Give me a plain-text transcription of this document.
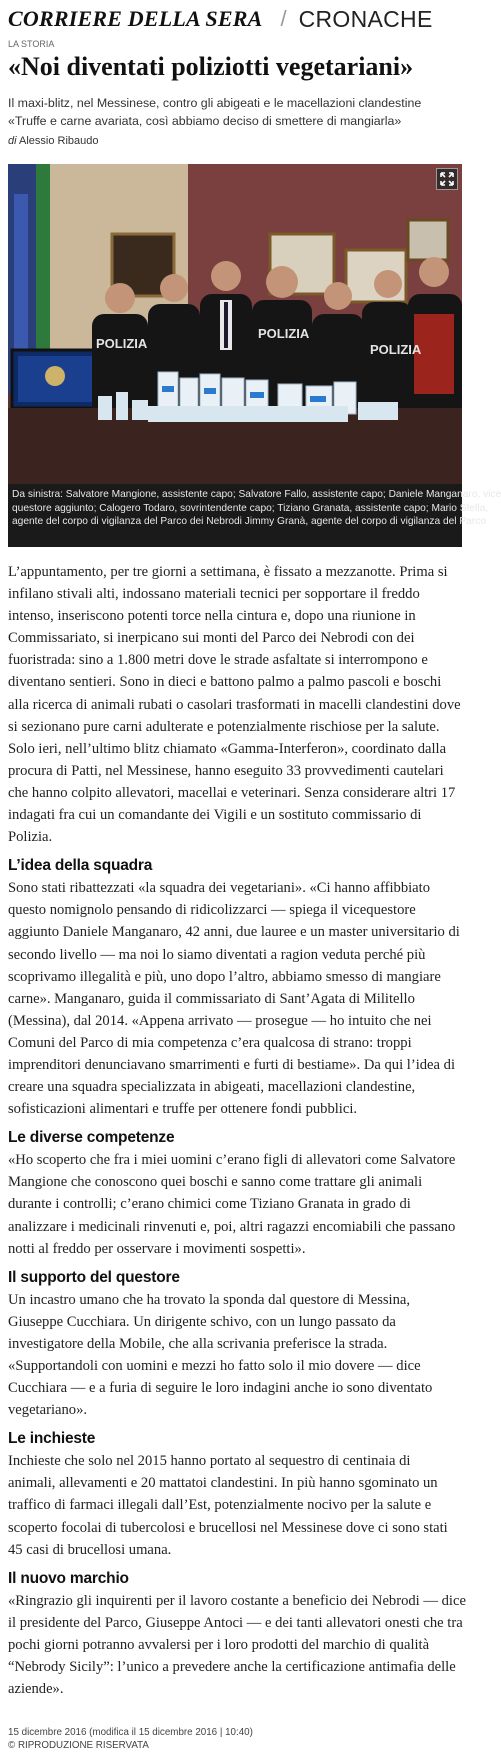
CORRIERE DELLA SERA / CRONACHE
LA STORIA
«Noi diventati poliziotti vegetariani»
Il maxi-blitz, nel Messinese, contro gli abigeati e le macellazioni clandestine
«Truffe e carne avariata, così abbiamo deciso di smettere di mangiarla»
di Alessio Ribaudo
POLIZIA
POLIZIA
POLIZIA
Da sinistra: Salvatore Mangione, assistente capo; Salvatore Fallo, assistente capo; Daniele Manganaro, vice
questore aggiunto; Calogero Todaro, sovrintendente capo; Tiziano Granata, assistente capo; Mario Stella,
agente del corpo di vigilanza del Parco dei Nebrodi Jimmy Granà, agente del corpo di vigilanza del Parco
L’appuntamento, per tre giorni a settimana, è fissato a mezzanotte. Prima si
infilano stivali alti, indossano materiali tecnici per sopportare il freddo
intenso, inseriscono potenti torce nella cintura e, dopo una riunione in
Commissariato, si inerpicano sui monti del Parco dei Nebrodi con dei
fuoristrada: sino a 1.800 metri dove le strade asfaltate si interrompono e
diventano sentieri. Sono in dieci e battono palmo a palmo pascoli e boschi
alla ricerca di animali rubati o casolari trasformati in macelli clandestini dove
si sezionano pure carni adulterate e potenzialmente rischiose per la salute.
Solo ieri, nell’ultimo blitz chiamato «Gamma-Interferon», coordinato dalla
procura di Patti, nel Messinese, hanno eseguito 33 provvedimenti cautelari
che hanno colpito allevatori, macellai e veterinari. Senza considerare altri 17
indagati fra cui un comandante dei Vigili e un sostituto commissario di
Polizia.
L’idea della squadra
Sono stati ribattezzati «la squadra dei vegetariani». «Ci hanno affibbiato
questo nomignolo pensando di ridicolizzarci — spiega il vicequestore
aggiunto Daniele Manganaro, 42 anni, due lauree e un master universitario di
secondo livello — ma noi lo siamo diventati a ragion veduta perché più
scoprivamo illegalità e più, uno dopo l’altro, abbiamo smesso di mangiare
carne». Manganaro, guida il commissariato di Sant’Agata di Militello
(Messina), dal 2014. «Appena arrivato — prosegue — ho intuito che nei
Comuni del Parco di mia competenza c’era qualcosa di strano: troppi
imprenditori denunciavano smarrimenti e furti di bestiame». Da qui l’idea di
creare una squadra specializzata in abigeati, macellazioni clandestine,
sofisticazioni alimentari e truffe per ottenere fondi pubblici.
Le diverse competenze
«Ho scoperto che fra i miei uomini c’erano figli di allevatori come Salvatore
Mangione che conoscono quei boschi e sanno come trattare gli animali
durante i controlli; c’erano chimici come Tiziano Granata in grado di
analizzare i medicinali rinvenuti e, poi, altri ragazzi encomiabili che passano
notti al freddo per osservare i movimenti sospetti».
Il supporto del questore
Un incastro umano che ha trovato la sponda dal questore di Messina,
Giuseppe Cucchiara. Un dirigente schivo, con un lungo passato da
investigatore della Mobile, che alla scrivania preferisce la strada.
«Supportandoli con uomini e mezzi ho fatto solo il mio dovere — dice
Cucchiara — e a furia di seguire le loro indagini anche io sono diventato
vegetariano».
Le inchieste
Inchieste che solo nel 2015 hanno portato al sequestro di centinaia di
animali, allevamenti e 20 mattatoi clandestini. In più hanno sgominato un
traffico di farmaci illegali dall’Est, potenzialmente nocivo per la salute e
scoperto focolai di tubercolosi e brucellosi nel Messinese dove ci sono stati
45 casi di brucellosi umana.
Il nuovo marchio
«Ringrazio gli inquirenti per il lavoro costante a beneficio dei Nebrodi — dice
il presidente del Parco, Giuseppe Antoci — e dei tanti allevatori onesti che tra
pochi giorni potranno avvalersi per i loro prodotti del marchio di qualità
“Nebrody Sicily”: l’unico a prevedere anche la certificazione antimafia delle
aziende».
15 dicembre 2016 (modifica il 15 dicembre 2016 | 10:40)
© RIPRODUZIONE RISERVATA
